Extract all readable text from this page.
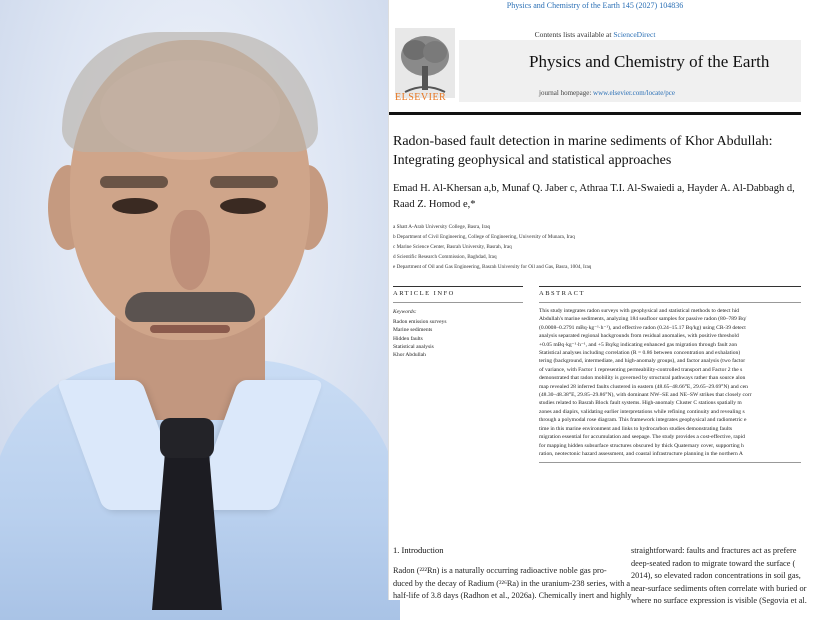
Physics and Chemistry of the Earth 145 (2027) 104836
Contents lists available at ScienceDirect
ELSEVIER
Physics and Chemistry of the Earth
journal homepage: www.elsevier.com/locate/pce
Radon-based fault detection in marine sediments of Khor Abdullah: Integrating geophysical and statistical approaches
Emad H. Al-Khersan a,b, Munaf Q. Jaber c, Athraa T.I. Al-Swaiedi a, Hayder A. Al-Dabbagh d, Raad Z. Homod e,*
a Shatt A-Arab University College, Basra, Iraq
b Department of Civil Engineering, College of Engineering, University of Munara, Iraq
c Marine Science Center, Basrah University, Basrah, Iraq
d Scientific Research Commission, Baghdad, Iraq
e Department of Oil and Gas Engineering, Basrah University for Oil and Gas, Basra, 1004, Iraq
ARTICLE INFO	ABSTRACT
Keywords:
Radon emission surveys
Marine sediments
Hidden faults
Statistical analysis
Khor Abdullah
This study integrates radon surveys with geophysical and statistical methods to detect hid
Abdullah's marine sediments, analyzing 184 seafloor samples for passive radon (80–789 Bq/
(0.0008–0.2791 mBq·kg⁻¹·h⁻¹), and effective radon (0.24–15.17 Bq/kg) using CR-39 detect
analysis separated regional backgrounds from residual anomalies, with positive threshold
+0.05 mBq·kg⁻¹·h⁻¹, and +5 Bq/kg indicating enhanced gas migration through fault zon
Statistical analyses including correlation (R = 0.86 between concentration and exhalation)
tering (background, intermediate, and high-anomaly groups), and factor analysis (two factor
of variance, with Factor 1 representing permeability-controlled transport and Factor 2 the s
demonstrated that radon mobility is governed by structural pathways rather than source alon
map revealed 28 inferred faults clustered in eastern (48.65–48.66°E, 29.65–29.69°N) and cen
(48.30–48.38°E, 29.85–29.86°N), with dominant NW–SE and NE–SW strikes that closely corr
studies related to Basrah Block fault systems. High-anomaly Cluster C stations spatially m
zones and diapirs, validating earlier interpretations while refining continuity and revealing s
through a polymodal rose diagram. This framework integrates geophysical and radiometric e
time in this marine environment and links to hydrocarbon studies demonstrating faults
migration essential for accumulation and seepage. The study provides a cost-effective, rapid
for mapping hidden subsurface structures obscured by thick Quaternary cover, supporting h
ration, neotectonic hazard assessment, and coastal infrastructure planning in the northern A
1. Introduction
Radon (²²²Rn) is a naturally occurring radioactive noble gas pro-
duced by the decay of Radium (²²⁶Ra) in the uranium-238 series, with a
half-life of 3.8 days (Radhon et al., 2026a). Chemically inert and highly
straightforward: faults and fractures act as prefere
deep-seated radon to migrate toward the surface (
2014), so elevated radon concentrations in soil gas,
near-surface sediments often correlate with buried or
where no surface expression is visible (Segovia et al.
